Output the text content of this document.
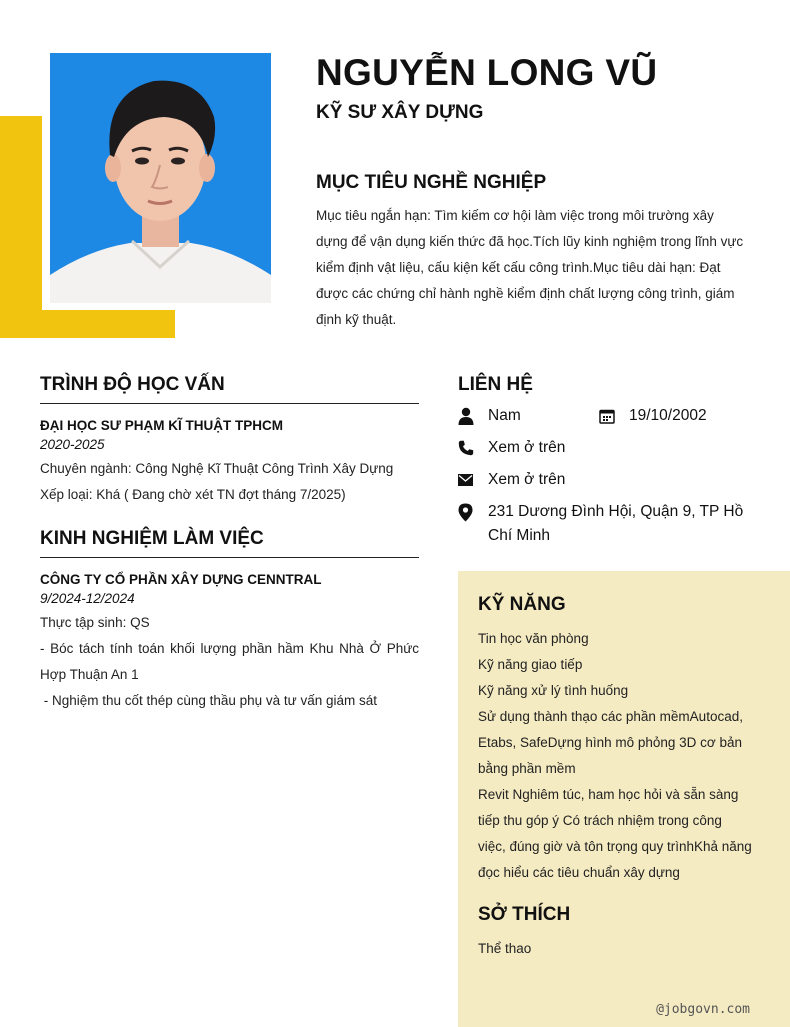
NGUYỄN LONG VŨ
KỸ SƯ XÂY DỰNG
MỤC TIÊU NGHỀ NGHIỆP

Mục tiêu ngắn hạn: Tìm kiếm cơ hội làm việc trong môi trường xây dựng để vận dụng kiến thức đã học.Tích lũy kinh nghiệm trong lĩnh vực kiểm định vật liệu, cấu kiện kết cấu công trình.Mục tiêu dài hạn: Đạt được các chứng chỉ hành nghề kiểm định chất lượng công trình, giám định kỹ thuật.

TRÌNH ĐỘ HỌC VẤN

ĐẠI HỌC SƯ PHẠM KĨ THUẬT TPHCM

2020-2025

Chuyên ngành: Công Nghệ Kĩ Thuật Công Trình Xây Dựng

Xếp loại: Khá ( Đang chờ xét TN đợt tháng 7/2025)

KINH NGHIỆM LÀM VIỆC

CÔNG TY CỔ PHẦN XÂY DỰNG CENNTRAL

9/2024-12/2024

Thực tập sinh: QS

- Bóc tách tính toán khối lượng phần hầm Khu Nhà Ở Phức Hợp Thuận An 1

- Nghiệm thu cốt thép cùng thầu phụ và tư vấn giám sát

LIÊN HỆ
Nam	19/10/2002
Xem ở trên
Xem ở trên
231 Dương Đình Hội, Quận 9, TP Hồ Chí Minh
KỸ NĂNG
Tin học văn phòng
Kỹ năng giao tiếp
Kỹ năng xử lý tình huống
Sử dụng thành thạo các phần mềmAutocad, Etabs, SafeDựng hình mô phỏng 3D cơ bản bằng phần mềm
Revit Nghiêm túc, ham học hỏi và sẵn sàng tiếp thu góp ý Có trách nhiệm trong công việc, đúng giờ và tôn trọng quy trìnhKhả năng đọc hiểu các tiêu chuẩn xây dựng
SỞ THÍCH

Thể thao

@jobgovn.com
